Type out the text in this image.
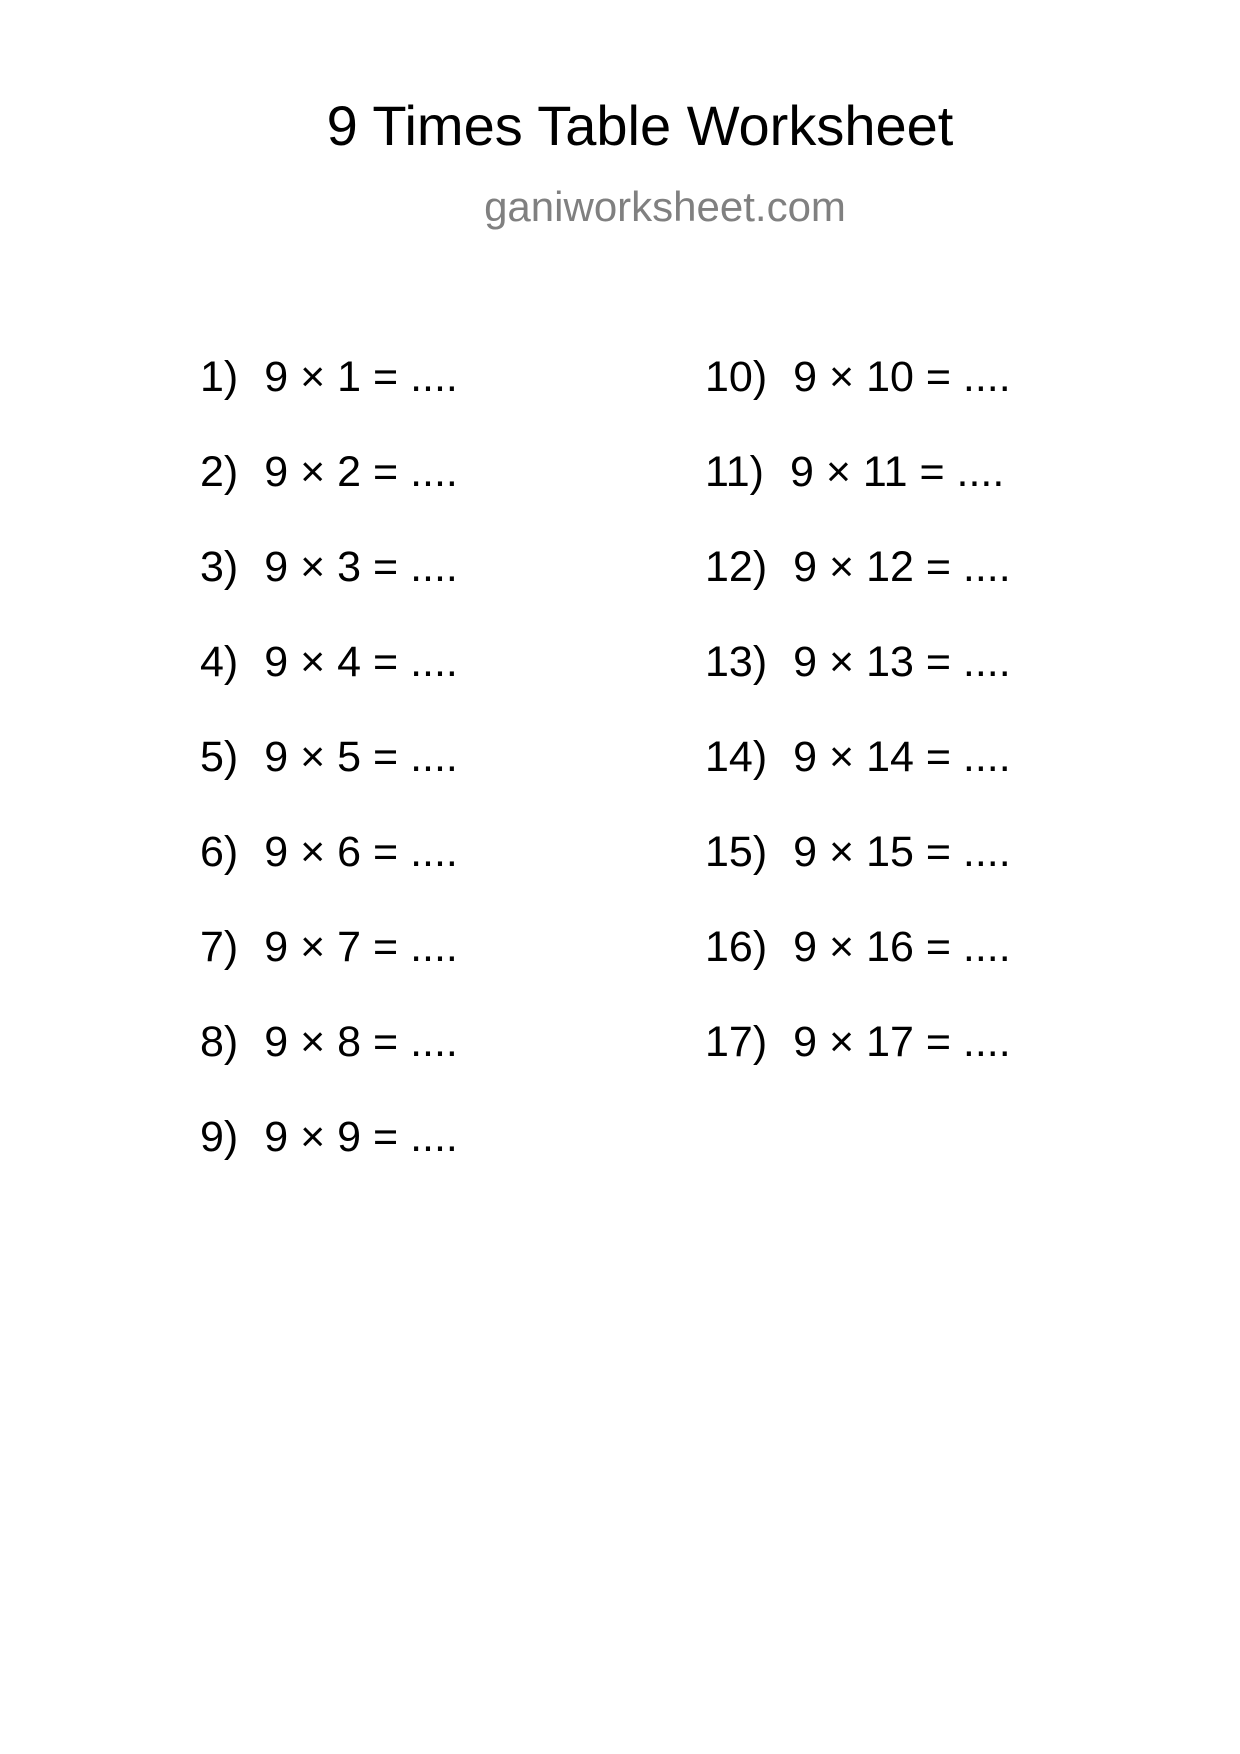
9 Times Table Worksheet
ganiworksheet.com
1) 9 × 1 = ....
2) 9 × 2 = ....
3) 9 × 3 = ....
4) 9 × 4 = ....
5) 9 × 5 = ....
6) 9 × 6 = ....
7) 9 × 7 = ....
8) 9 × 8 = ....
9) 9 × 9 = ....
10) 9 × 10 = ....
11) 9 × 11 = ....
12) 9 × 12 = ....
13) 9 × 13 = ....
14) 9 × 14 = ....
15) 9 × 15 = ....
16) 9 × 16 = ....
17) 9 × 17 = ....
